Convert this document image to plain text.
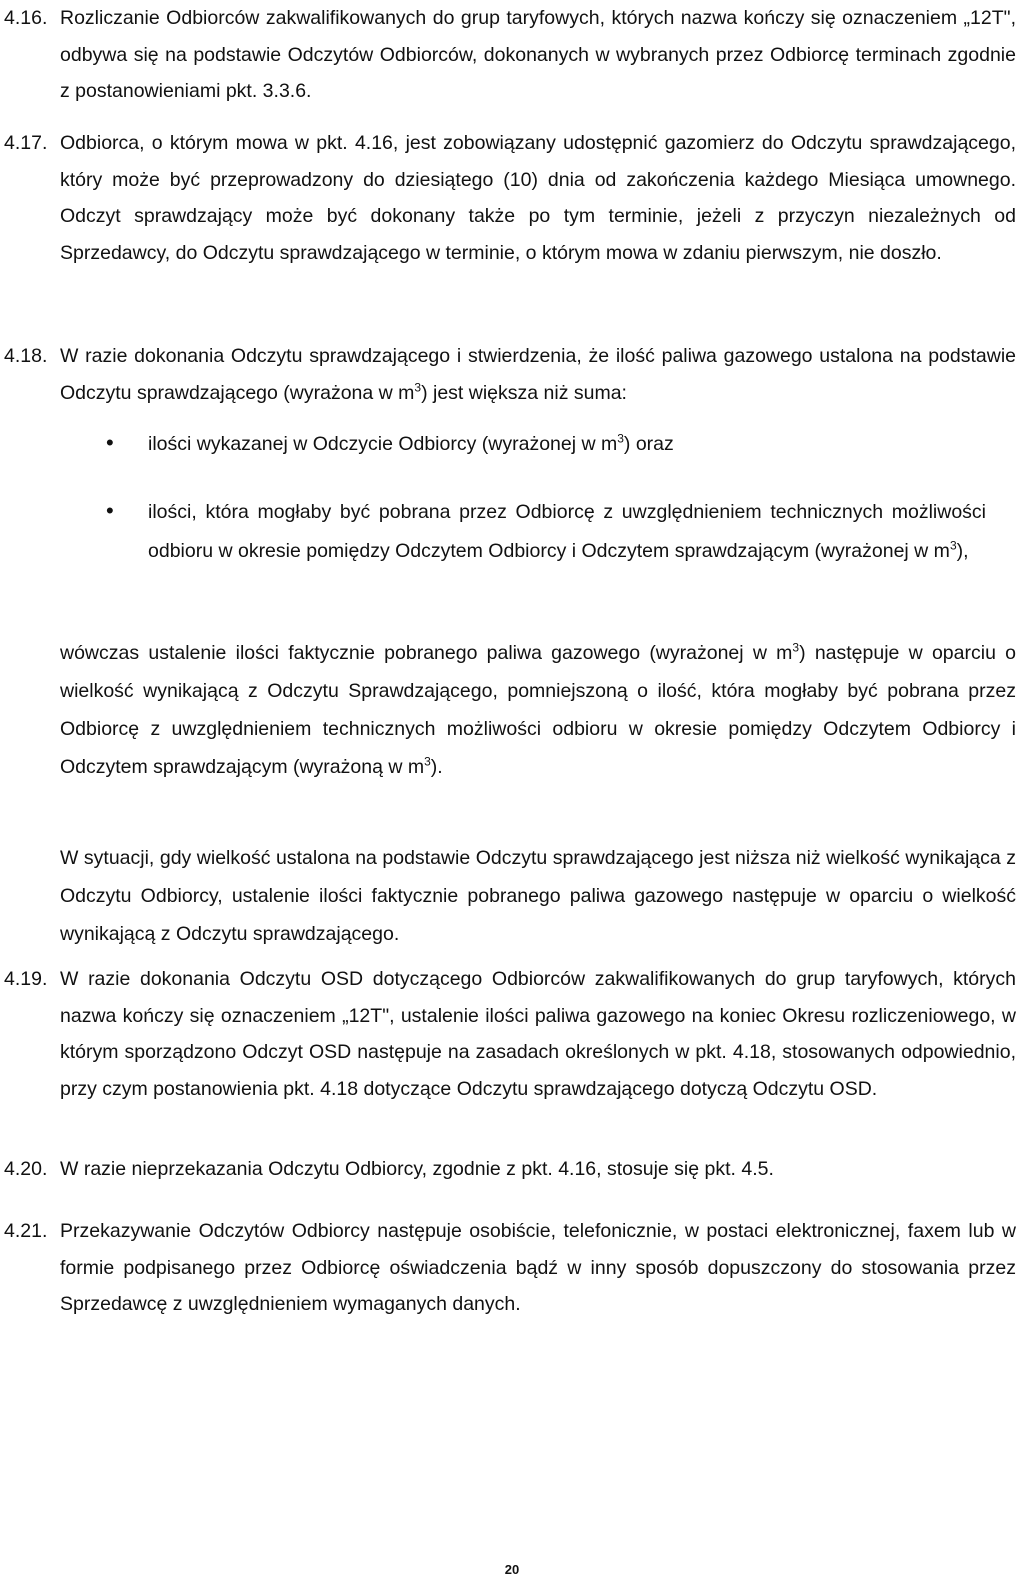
4.16. Rozliczanie Odbiorców zakwalifikowanych do grup taryfowych, których nazwa kończy się oznaczeniem „12T", odbywa się na podstawie Odczytów Odbiorców, dokonanych w wybranych przez Odbiorcę terminach zgodnie z postanowieniami pkt. 3.3.6.
4.17. Odbiorca, o którym mowa w pkt. 4.16, jest zobowiązany udostępnić gazomierz do Odczytu sprawdzającego, który może być przeprowadzony do dziesiątego (10) dnia od zakończenia każdego Miesiąca umownego. Odczyt sprawdzający może być dokonany także po tym terminie, jeżeli z przyczyn niezależnych od Sprzedawcy, do Odczytu sprawdzającego w terminie, o którym mowa w zdaniu pierwszym, nie doszło.
4.18. W razie dokonania Odczytu sprawdzającego i stwierdzenia, że ilość paliwa gazowego ustalona na podstawie Odczytu sprawdzającego (wyrażona w $m^3$) jest większa niż suma:
• ilości wykazanej w Odczycie Odbiorcy (wyrażonej w $m^3$) oraz
• ilości, która mogłaby być pobrana przez Odbiorcę z uwzględnieniem technicznych możliwości odbioru w okresie pomiędzy Odczytem Odbiorcy i Odczytem sprawdzającym (wyrażonej w $m^3$),
wówczas ustalenie ilości faktycznie pobranego paliwa gazowego (wyrażonej w $m^3$) następuje w oparciu o wielkość wynikającą z Odczytu Sprawdzającego, pomniejszoną o ilość, która mogłaby być pobrana przez Odbiorcę z uwzględnieniem technicznych możliwości odbioru w okresie pomiędzy Odczytem Odbiorcy i Odczytem sprawdzającym (wyrażoną w $m^3$).
W sytuacji, gdy wielkość ustalona na podstawie Odczytu sprawdzającego jest niższa niż wielkość wynikająca z Odczytu Odbiorcy, ustalenie ilości faktycznie pobranego paliwa gazowego następuje w oparciu o wielkość wynikającą z Odczytu sprawdzającego.
4.19. W razie dokonania Odczytu OSD dotyczącego Odbiorców zakwalifikowanych do grup taryfowych, których nazwa kończy się oznaczeniem „12T", ustalenie ilości paliwa gazowego na koniec Okresu rozliczeniowego, w którym sporządzono Odczyt OSD następuje na zasadach określonych w pkt. 4.18, stosowanych odpowiednio, przy czym postanowienia pkt. 4.18 dotyczące Odczytu sprawdzającego dotyczą Odczytu OSD.
4.20. W razie nieprzekazania Odczytu Odbiorcy, zgodnie z pkt. 4.16, stosuje się pkt. 4.5.
4.21. Przekazywanie Odczytów Odbiorcy następuje osobiście, telefonicznie, w postaci elektronicznej, faxem lub w formie podpisanego przez Odbiorcę oświadczenia bądź w inny sposób dopuszczony do stosowania przez Sprzedawcę z uwzględnieniem wymaganych danych.
20
